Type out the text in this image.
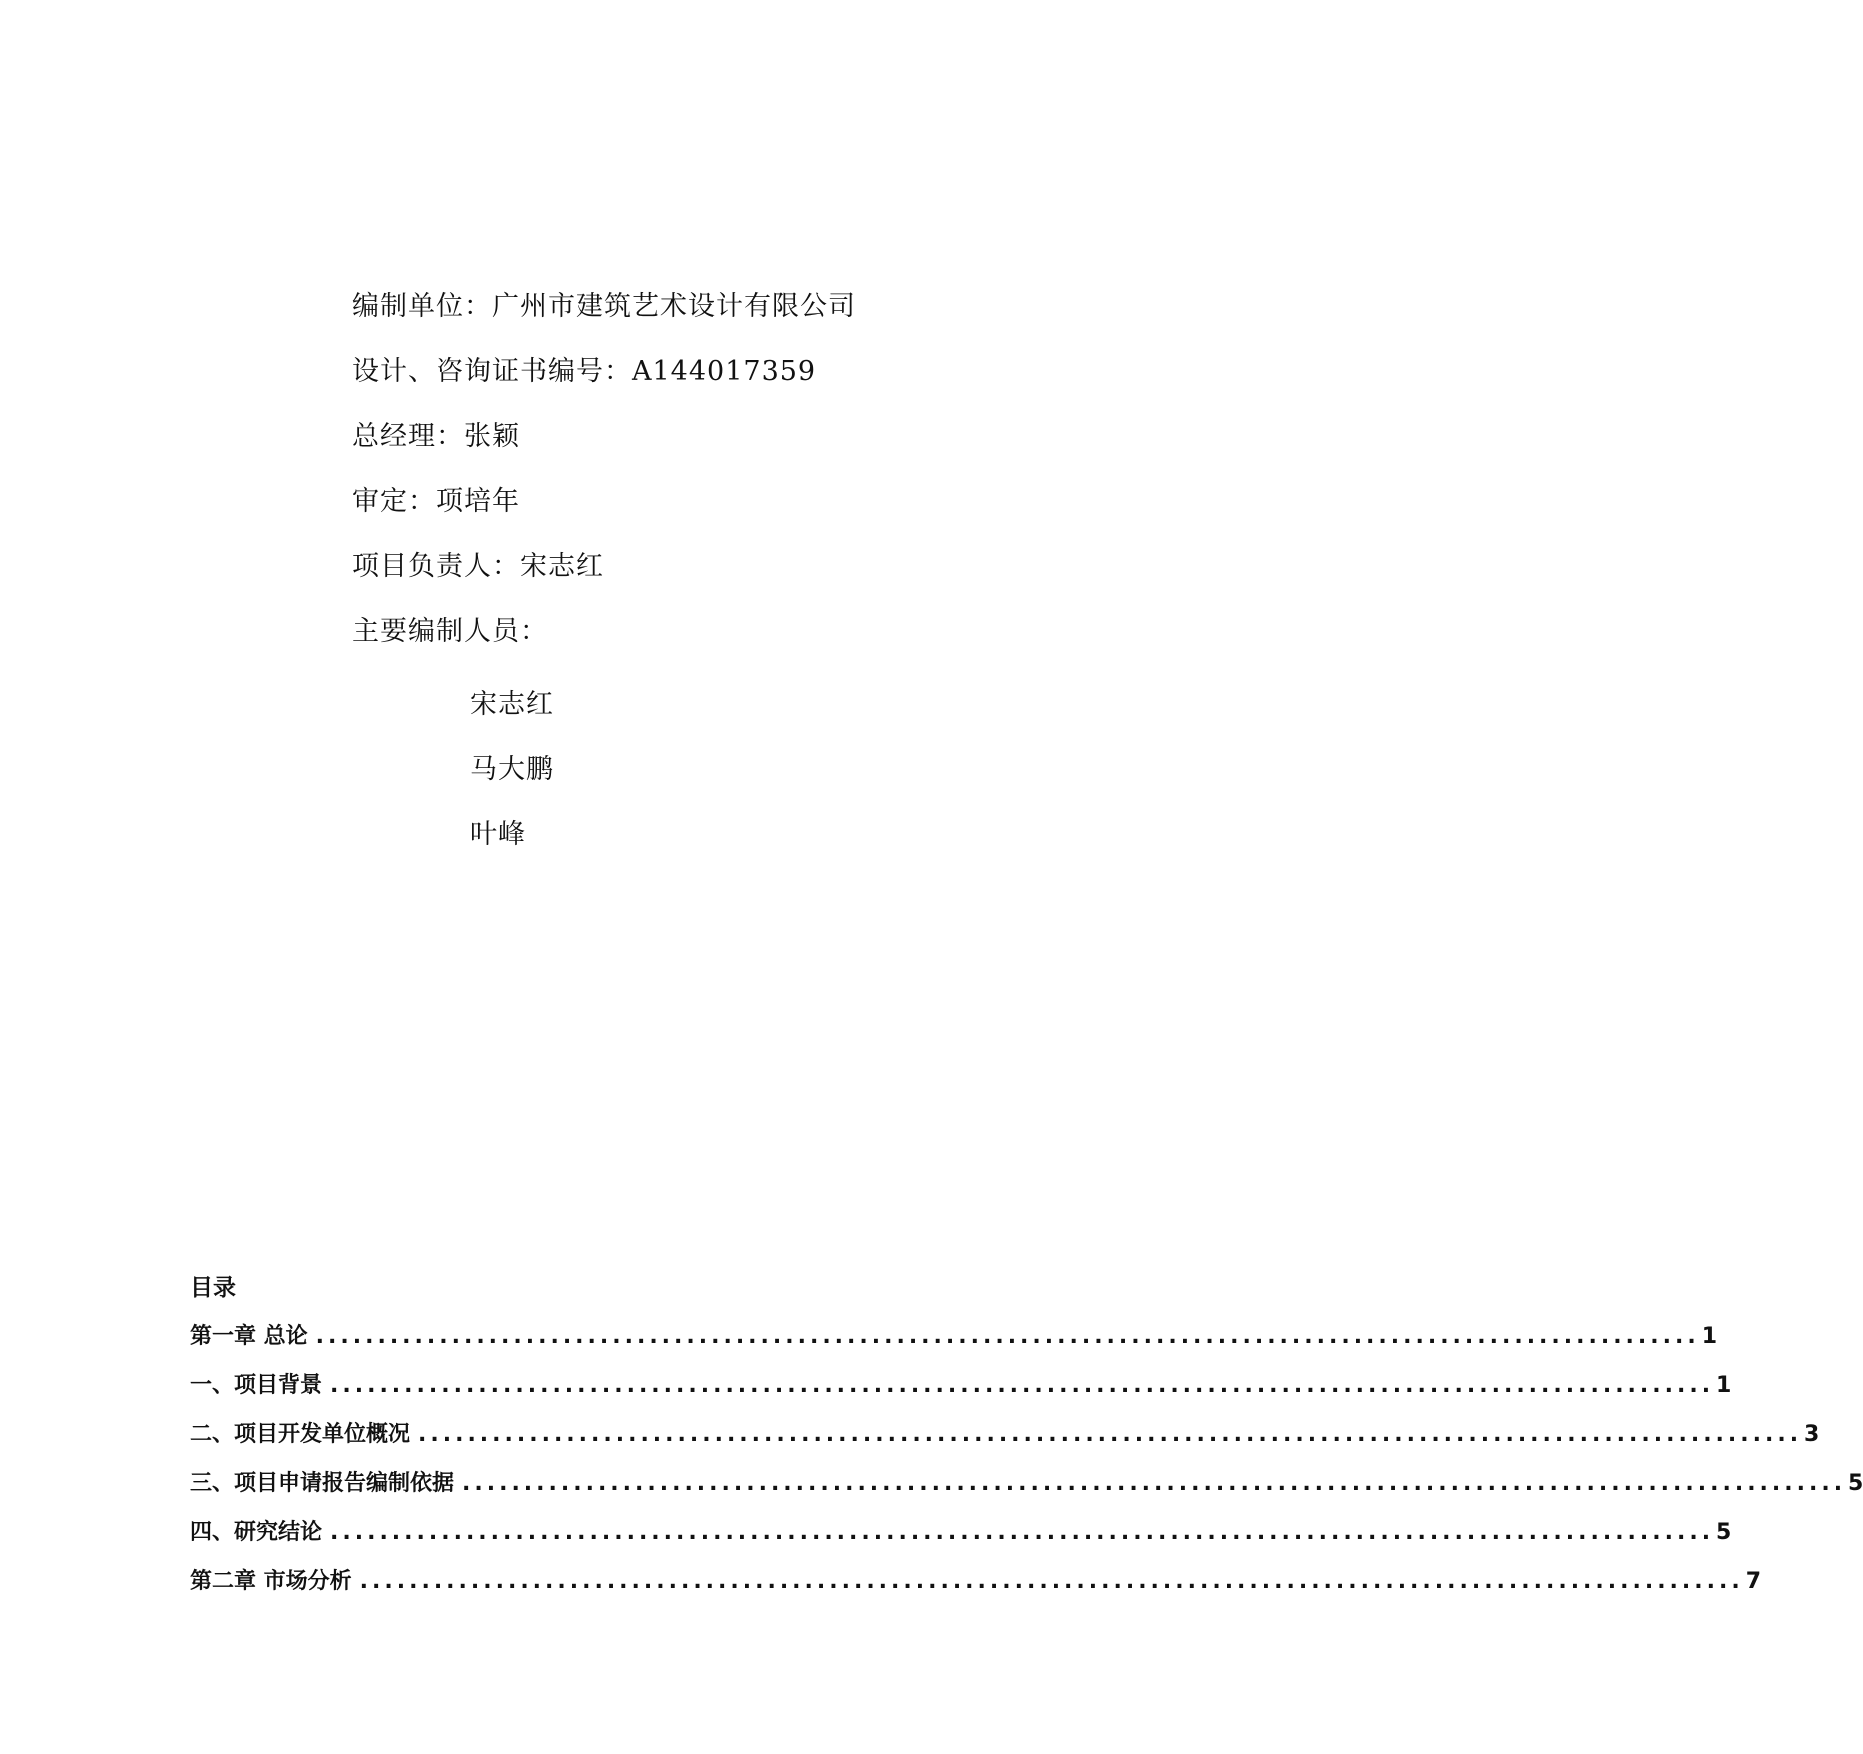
编制单位：广州市建筑艺术设计有限公司
设计、咨询证书编号：A144017359
总经理：张颖
审定：项培年
项目负责人：宋志红
主要编制人员：
宋志红
马大鹏
叶峰
目录
第一章 总论 ................................................................................................................ 1
一、项目背景 ................................................................................................................ 1
二、项目开发单位概况 ................................................................................................................ 3
三、项目申请报告编制依据 ................................................................................................................ 5
四、研究结论 ................................................................................................................ 5
第二章 市场分析 ................................................................................................................ 7
